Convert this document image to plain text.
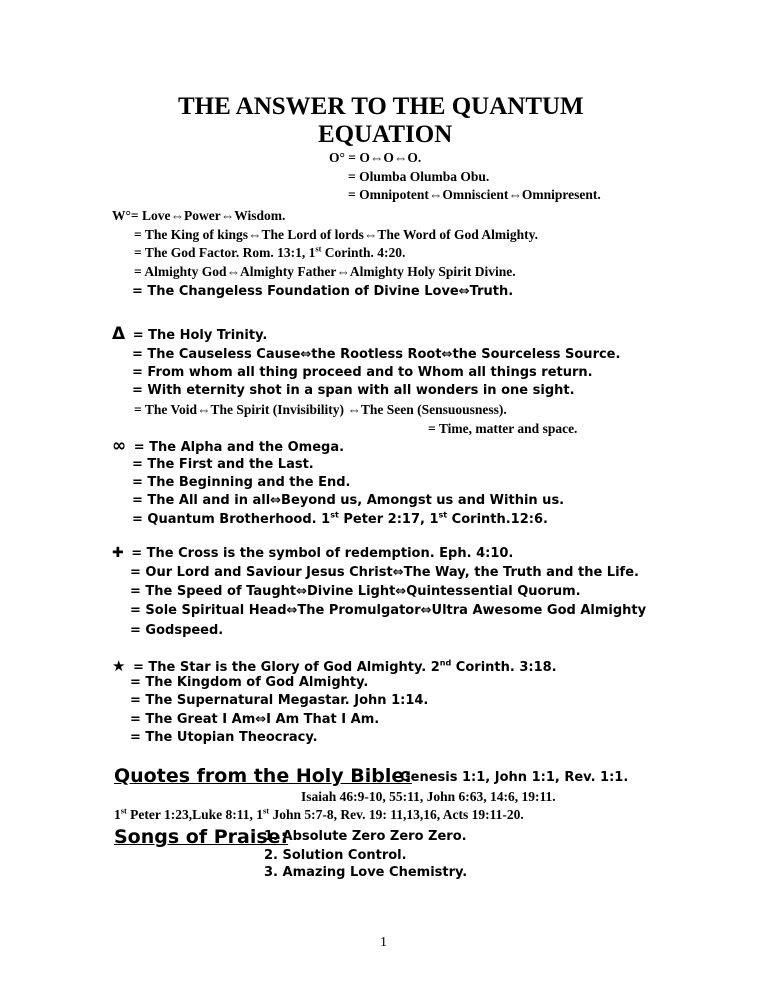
THE ANSWER TO THE QUANTUM
EQUATION
O° = O⇔O⇔O.
= Olumba Olumba Obu.
= Omnipotent⇔Omniscient⇔Omnipresent.
W°= Love⇔Power⇔Wisdom.
= The King of kings⇔The Lord of lords⇔The Word of God Almighty.
= The God Factor. Rom. 13:1, 1st Corinth. 4:20.
= Almighty God⇔Almighty Father⇔Almighty Holy Spirit Divine.
= The Changeless Foundation of Divine Love⇔Truth.
Δ = The Holy Trinity.
= The Causeless Cause⇔the Rootless Root⇔the Sourceless Source.
= From whom all thing proceed and to Whom all things return.
= With eternity shot in a span with all wonders in one sight.
= The Void⇔The Spirit (Invisibility) ⇔The Seen (Sensuousness).
= Time, matter and space.
∞ = The Alpha and the Omega.
= The First and the Last.
= The Beginning and the End.
= The All and in all⇔Beyond us, Amongst us and Within us.
= Quantum Brotherhood. 1st Peter 2:17, 1st Corinth.12:6.
✚ = The Cross is the symbol of redemption. Eph. 4:10.
= Our Lord and Saviour Jesus Christ⇔The Way, the Truth and the Life.
= The Speed of Taught⇔Divine Light⇔Quintessential Quorum.
= Sole Spiritual Head⇔The Promulgator⇔Ultra Awesome God Almighty
= Godspeed.
★ = The Star is the Glory of God Almighty. 2nd Corinth. 3:18.
= The Kingdom of God Almighty.
= The Supernatural Megastar. John 1:14.
= The Great I Am⇔I Am That I Am.
= The Utopian Theocracy.
Quotes from the Holy Bible:
Genesis 1:1, John 1:1, Rev. 1:1.
Isaiah 46:9-10, 55:11, John 6:63, 14:6, 19:11.
1st Peter 1:23,Luke 8:11, 1st John 5:7-8, Rev. 19: 11,13,16, Acts 19:11-20.
Songs of Praise:
1. Absolute Zero Zero Zero.
2. Solution Control.
3. Amazing Love Chemistry.
1
